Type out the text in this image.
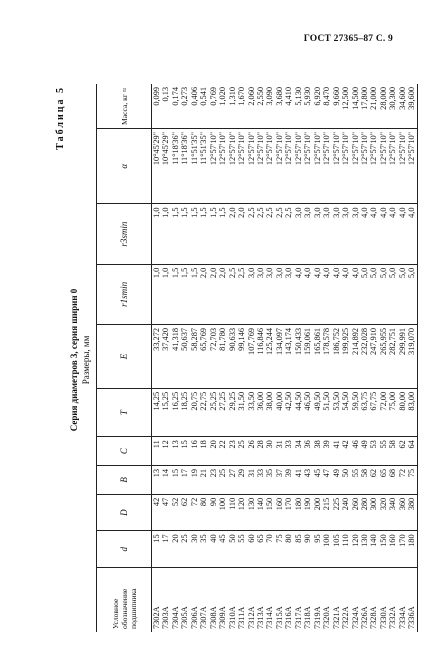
ГОСТ 27365–87 С. 9
Таблица 5
Серия диаметров 3, серия ширин 0 Размеры, мм
Условное обозначение подшипника	d	D	B	C	T	E	r1smin	r3smin	α	Масса, кг ≈
7302A	15	42	13	11	14,25	33,272	1,0	1,0	10°45'29"	0,099
7303A	17	47	14	12	15,25	37,420	1,0	1,0	10°45'29"	0,13
7304A	20	52	15	13	16,25	41,318	1,5	1,5	11°18'36"	0,174
7305A	25	62	17	15	18,25	50,637	1,5	1,5	11°18'36"	0,273
7306A	30	72	19	16	20,75	58,287	1,5	1,5	11°51'35"	0,406
7307A	35	80	21	18	22,75	65,769	2,0	1,5	11°51'35"	0,541
7308A	40	90	23	20	25,25	72,703	2,0	1,5	12°57'10"	0,769
7309A	45	100	25	22	27,25	81,780	2,0	1,5	12°57'10"	1,020
7310A	50	110	27	23	29,25	90,633	2,5	2,0	12°57'10"	1,310
7311A	55	120	29	25	31,50	99,146	2,5	2,0	12°57'10"	1,670
7312A	60	130	31	26	33,50	107,769	3,0	2,5	12°57'10"	2,060
7313A	65	140	33	28	36,00	116,846	3,0	2,5	12°57'10"	2,550
7314A	70	150	35	30	38,00	125,244	3,0	2,5	12°57'10"	3,090
7315A	75	160	37	31	40,00	134,097	3,0	2,5	12°57'10"	3,680
7316A	80	170	39	33	42,50	143,174	3,0	2,5	12°57'10"	4,410
7317A	85	180	41	34	44,50	150,433	4,0	3,0	12°57'10"	5,130
7318A	90	190	43	36	46,50	159,061	4,0	3,0	12°57'10"	5,930
7319A	95	200	45	38	49,50	165,861	4,0	3,0	12°57'10"	6,920
7320A	100	215	47	39	51,50	178,578	4,0	3,0	12°57'10"	8,470
7321A	105	225	49	41	53,50	186,752	4,0	3,0	12°57'10"	9,660
7322A	110	240	50	42	54,50	199,925	4,0	3,0	12°57'10"	12,500
7324A	120	260	55	46	59,50	214,892	4,0	3,0	12°57'10"	14,500
7326A	130	280	58	49	63,75	232,028	5,0	4,0	12°57'10"	17,800
7328A	140	300	62	53	67,75	247,910	5,0	4,0	12°57'10"	21,000
7330A	150	320	65	55	72,00	265,955	5,0	4,0	12°57'10"	28,000
7332A	160	340	68	58	75,00	282,751	5,0	4,0	12°57'10"	30,300
7334A	170	360	72	62	80,00	299,991	5,0	4,0	12°57'10"	34,600
7336A	180	380	75	64	83,00	319,070	5,0	4,0	12°57'10"	39,600
